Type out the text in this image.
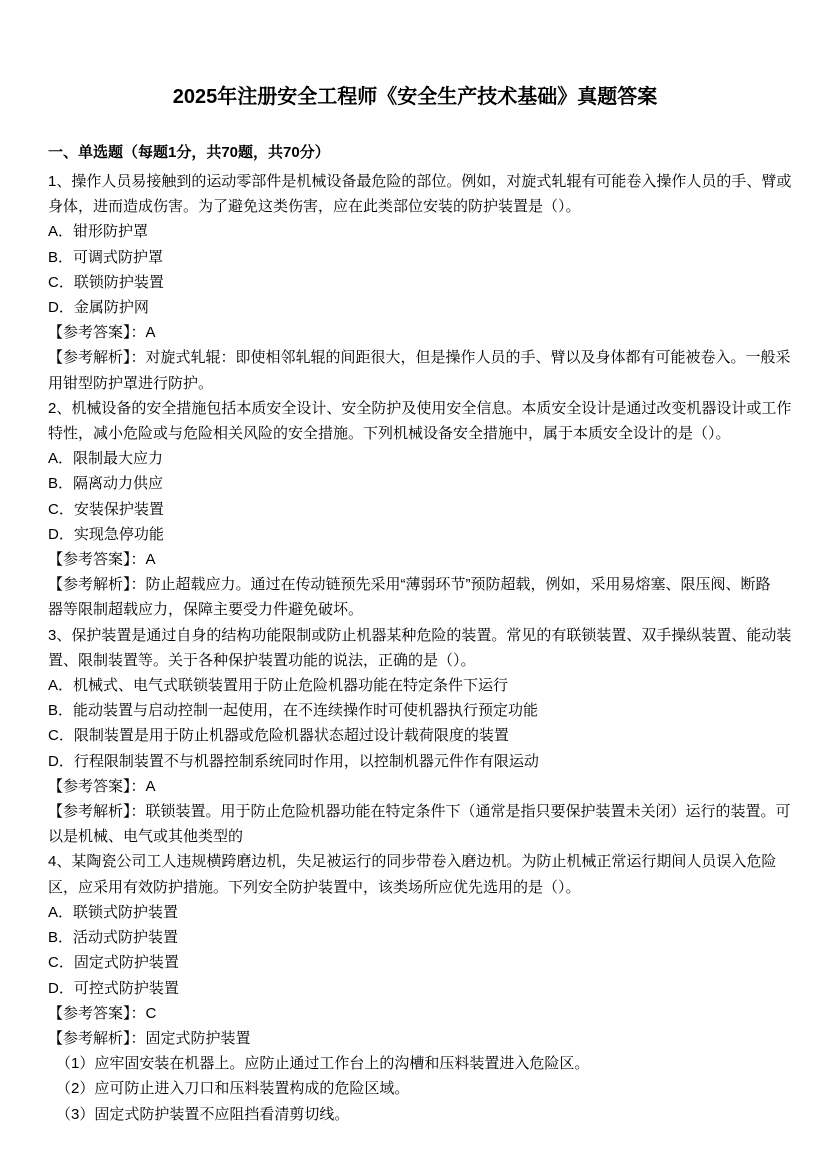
2025年注册安全工程师《安全生产技术基础》真题答案
一、单选题（每题1分，共70题，共70分）

1、操作人员易接触到的运动零部件是机械设备最危险的部位。例如，对旋式轧辊有可能卷入操作人员的手、臂或

身体，进而造成伤害。为了避免这类伤害，应在此类部位安装的防护装置是（）。

A．钳形防护罩

B．可调式防护罩

C．联锁防护装置

D．金属防护网

【参考答案】：A

【参考解析】：对旋式轧辊：即使相邻轧辊的间距很大，但是操作人员的手、臂以及身体都有可能被卷入。一般采

用钳型防护罩进行防护。

2、机械设备的安全措施包括本质安全设计、安全防护及使用安全信息。本质安全设计是通过改变机器设计或工作

特性，减小危险或与危险相关风险的安全措施。下列机械设备安全措施中，属于本质安全设计的是（）。

A．限制最大应力

B．隔离动力供应

C．安装保护装置

D．实现急停功能

【参考答案】：A

【参考解析】：防止超载应力。通过在传动链预先采用“薄弱环节”预防超载，例如，采用易熔塞、限压阀、断路

器等限制超载应力，保障主要受力件避免破坏。

3、保护装置是通过自身的结构功能限制或防止机器某种危险的装置。常见的有联锁装置、双手操纵装置、能动装

置、限制装置等。关于各种保护装置功能的说法，正确的是（）。

A．机械式、电气式联锁装置用于防止危险机器功能在特定条件下运行

B．能动装置与启动控制一起使用，在不连续操作时可使机器执行预定功能

C．限制装置是用于防止机器或危险机器状态超过设计载荷限度的装置

D．行程限制装置不与机器控制系统同时作用，以控制机器元件作有限运动

【参考答案】：A

【参考解析】：联锁装置。用于防止危险机器功能在特定条件下（通常是指只要保护装置未关闭）运行的装置。可

以是机械、电气或其他类型的

4、某陶瓷公司工人违规横跨磨边机，失足被运行的同步带卷入磨边机。为防止机械正常运行期间人员误入危险

区，应采用有效防护措施。下列安全防护装置中，该类场所应优先选用的是（）。

A．联锁式防护装置

B．活动式防护装置

C．固定式防护装置

D．可控式防护装置

【参考答案】：C

【参考解析】：固定式防护装置

（1）应牢固安装在机器上。应防止通过工作台上的沟槽和压料装置进入危险区。

（2）应可防止进入刀口和压料装置构成的危险区域。

（3）固定式防护装置不应阻挡看清剪切线。
